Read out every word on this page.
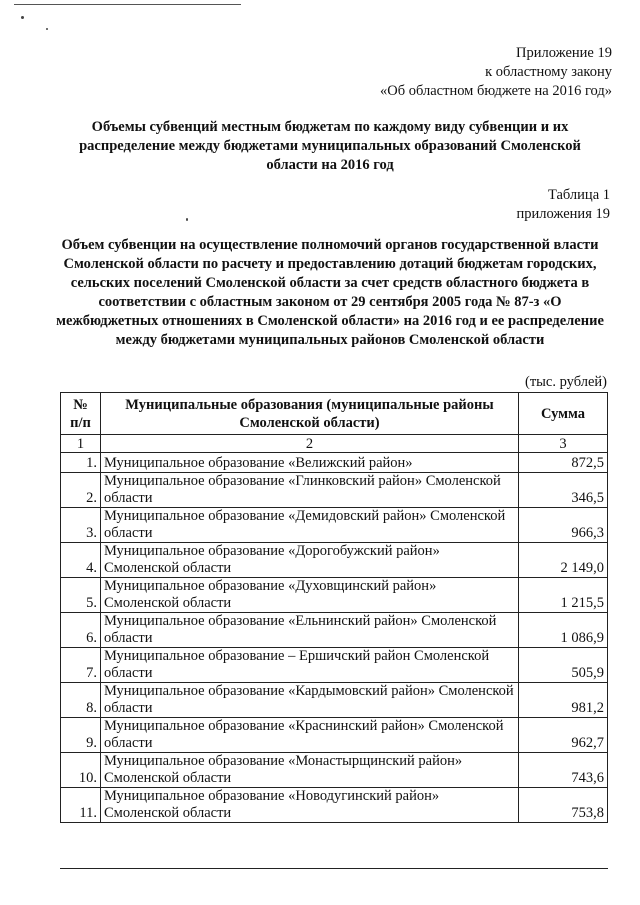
Приложение 19
к областному закону
«Об областном бюджете на 2016 год»
Объемы субвенций местным бюджетам по каждому виду субвенции и их распределение между бюджетами муниципальных образований Смоленской области на 2016 год
Таблица 1
приложения 19
Объем субвенции на осуществление полномочий органов государственной власти Смоленской области по расчету и предоставлению дотаций бюджетам городских, сельских поселений Смоленской области за счет средств областного бюджета в соответствии с областным законом от 29 сентября 2005 года № 87-з «О межбюджетных отношениях в Смоленской области» на 2016 год и ее распределение между бюджетами муниципальных районов Смоленской области
(тыс. рублей)
№
п/п	Муниципальные образования (муниципальные районы Смоленской области)	Сумма
1	2	3
1.	Муниципальное образование «Велижский район»	872,5
2.	Муниципальное образование «Глинковский район» Смоленской области	346,5
3.	Муниципальное образование «Демидовский район» Смоленской области	966,3
4.	Муниципальное образование «Дорогобужский район» Смоленской области	2 149,0
5.	Муниципальное образование «Духовщинский район» Смоленской области	1 215,5
6.	Муниципальное образование «Ельнинский район» Смоленской области	1 086,9
7.	Муниципальное образование – Ершичский район Смоленской области	505,9
8.	Муниципальное образование «Кардымовский район» Смоленской области	981,2
9.	Муниципальное образование «Краснинский район» Смоленской области	962,7
10.	Муниципальное образование «Монастырщинский район» Смоленской области	743,6
11.	Муниципальное образование «Новодугинский район» Смоленской области	753,8
